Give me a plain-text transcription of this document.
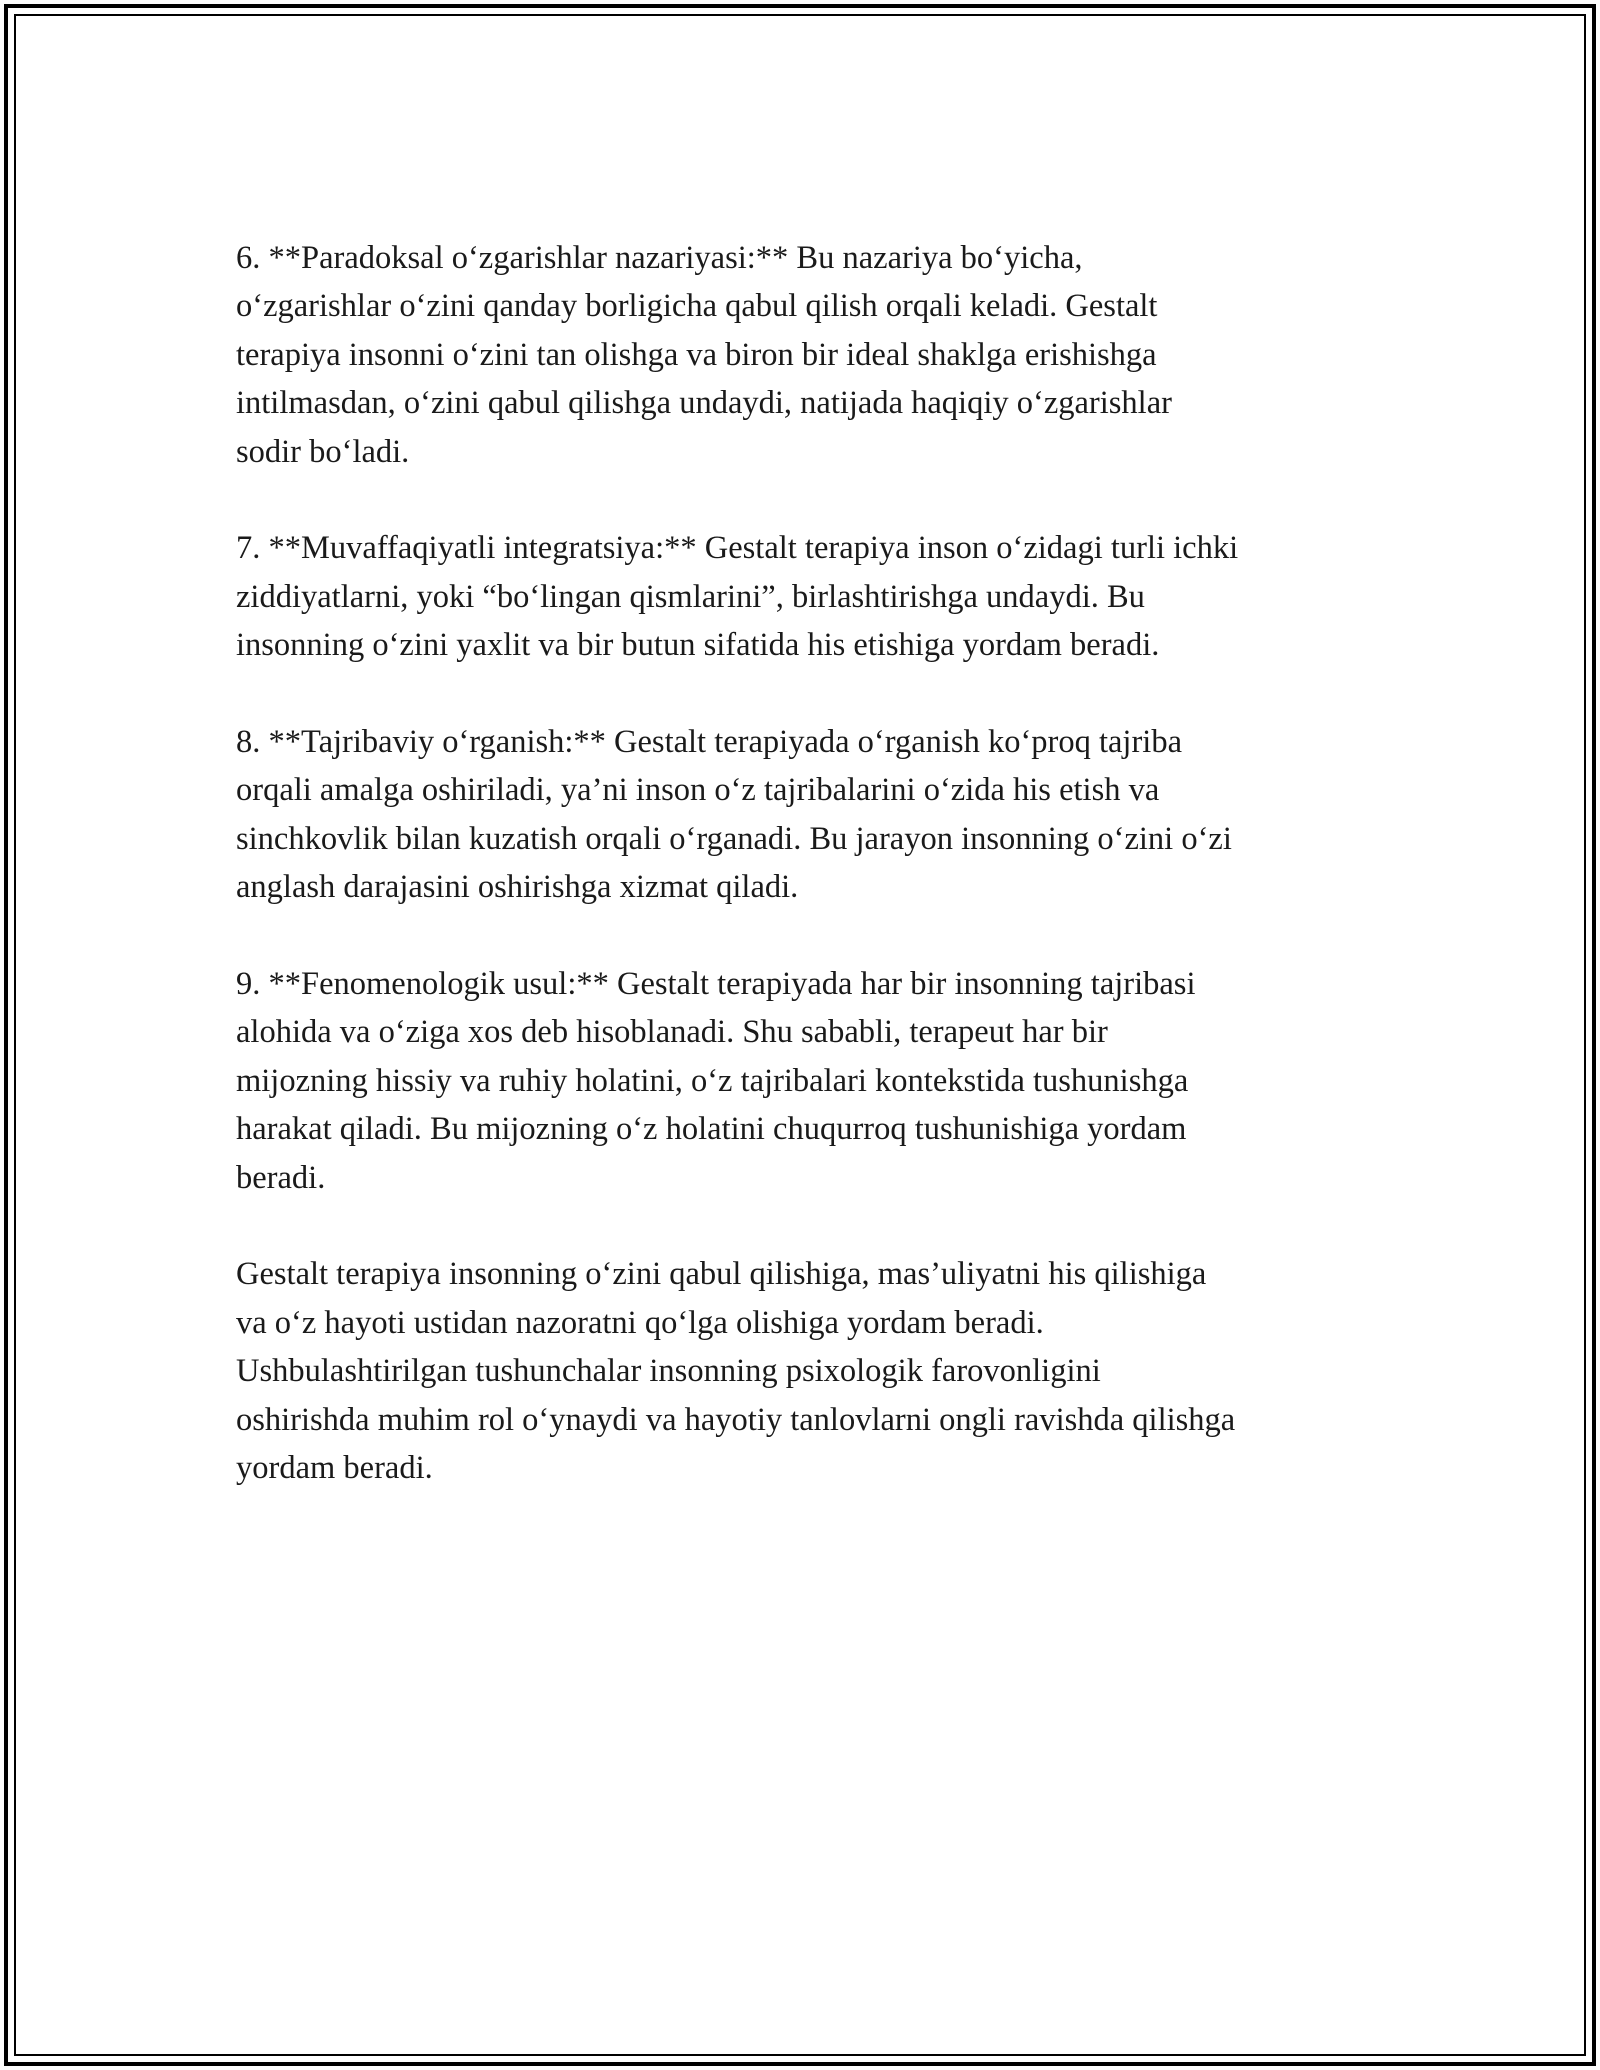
6. **Paradoksal o‘zgarishlar nazariyasi:** Bu nazariya bo‘yicha,
o‘zgarishlar o‘zini qanday borligicha qabul qilish orqali keladi. Gestalt
terapiya insonni o‘zini tan olishga va biron bir ideal shaklga erishishga
intilmasdan, o‘zini qabul qilishga undaydi, natijada haqiqiy o‘zgarishlar
sodir bo‘ladi.

7. **Muvaffaqiyatli integratsiya:** Gestalt terapiya inson o‘zidagi turli ichki
ziddiyatlarni, yoki “bo‘lingan qismlarini”, birlashtirishga undaydi. Bu
insonning o‘zini yaxlit va bir butun sifatida his etishiga yordam beradi.

8. **Tajribaviy o‘rganish:** Gestalt terapiyada o‘rganish ko‘proq tajriba
orqali amalga oshiriladi, ya’ni inson o‘z tajribalarini o‘zida his etish va
sinchkovlik bilan kuzatish orqali o‘rganadi. Bu jarayon insonning o‘zini o‘zi
anglash darajasini oshirishga xizmat qiladi.

9. **Fenomenologik usul:** Gestalt terapiyada har bir insonning tajribasi
alohida va o‘ziga xos deb hisoblanadi. Shu sababli, terapeut har bir
mijozning hissiy va ruhiy holatini, o‘z tajribalari kontekstida tushunishga
harakat qiladi. Bu mijozning o‘z holatini chuqurroq tushunishiga yordam
beradi.

Gestalt terapiya insonning o‘zini qabul qilishiga, mas’uliyatni his qilishiga
va o‘z hayoti ustidan nazoratni qo‘lga olishiga yordam beradi.
Ushbulashtirilgan tushunchalar insonning psixologik farovonligini
oshirishda muhim rol o‘ynaydi va hayotiy tanlovlarni ongli ravishda qilishga
yordam beradi.
